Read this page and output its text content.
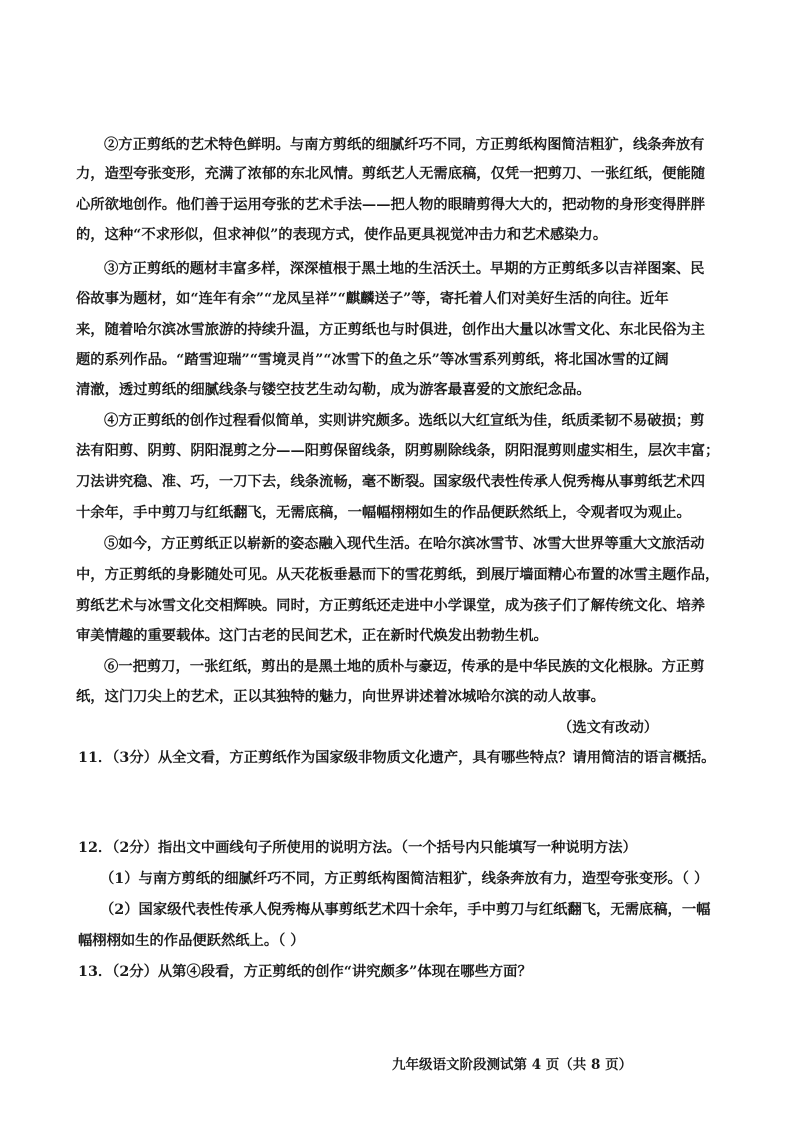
②方正剪纸的艺术特色鲜明。与南方剪纸的细腻纤巧不同，方正剪纸构图简洁粗犷，线条奔放有
力，造型夸张变形，充满了浓郁的东北风情。剪纸艺人无需底稿，仅凭一把剪刀、一张红纸，便能随
心所欲地创作。他们善于运用夸张的艺术手法——把人物的眼睛剪得大大的，把动物的身形变得胖胖
的，这种“不求形似，但求神似”的表现方式，使作品更具视觉冲击力和艺术感染力。
③方正剪纸的题材丰富多样，深深植根于黑土地的生活沃土。早期的方正剪纸多以吉祥图案、民
俗故事为题材，如“连年有余”“龙凤呈祥”“麒麟送子”等，寄托着人们对美好生活的向往。近年
来，随着哈尔滨冰雪旅游的持续升温，方正剪纸也与时俱进，创作出大量以冰雪文化、东北民俗为主
题的系列作品。“踏雪迎瑞”“雪境灵肖”“冰雪下的鱼之乐”等冰雪系列剪纸，将北国冰雪的辽阔
清澈，透过剪纸的细腻线条与镂空技艺生动勾勒，成为游客最喜爱的文旅纪念品。
④方正剪纸的创作过程看似简单，实则讲究颇多。选纸以大红宣纸为佳，纸质柔韧不易破损；剪
法有阳剪、阴剪、阴阳混剪之分——阳剪保留线条，阴剪剔除线条，阴阳混剪则虚实相生，层次丰富；
刀法讲究稳、准、巧，一刀下去，线条流畅，毫不断裂。国家级代表性传承人倪秀梅从事剪纸艺术四
十余年，手中剪刀与红纸翻飞，无需底稿，一幅幅栩栩如生的作品便跃然纸上，令观者叹为观止。
⑤如今，方正剪纸正以崭新的姿态融入现代生活。在哈尔滨冰雪节、冰雪大世界等重大文旅活动
中，方正剪纸的身影随处可见。从天花板垂悬而下的雪花剪纸，到展厅墙面精心布置的冰雪主题作品，
剪纸艺术与冰雪文化交相辉映。同时，方正剪纸还走进中小学课堂，成为孩子们了解传统文化、培养
审美情趣的重要载体。这门古老的民间艺术，正在新时代焕发出勃勃生机。
⑥一把剪刀，一张红纸，剪出的是黑土地的质朴与豪迈，传承的是中华民族的文化根脉。方正剪
纸，这门刀尖上的艺术，正以其独特的魅力，向世界讲述着冰城哈尔滨的动人故事。
（选文有改动）
11．（3分）从全文看，方正剪纸作为国家级非物质文化遗产，具有哪些特点？请用简洁的语言概括。
12．（2分）指出文中画线句子所使用的说明方法。（一个括号内只能填写一种说明方法）
（1）与南方剪纸的细腻纤巧不同，方正剪纸构图简洁粗犷，线条奔放有力，造型夸张变形。（ ）
（2）国家级代表性传承人倪秀梅从事剪纸艺术四十余年，手中剪刀与红纸翻飞，无需底稿，一幅
幅栩栩如生的作品便跃然纸上。（ ）
13．（2分）从第④段看，方正剪纸的创作“讲究颇多”体现在哪些方面？
九年级语文阶段测试第 4 页（共 8 页）
